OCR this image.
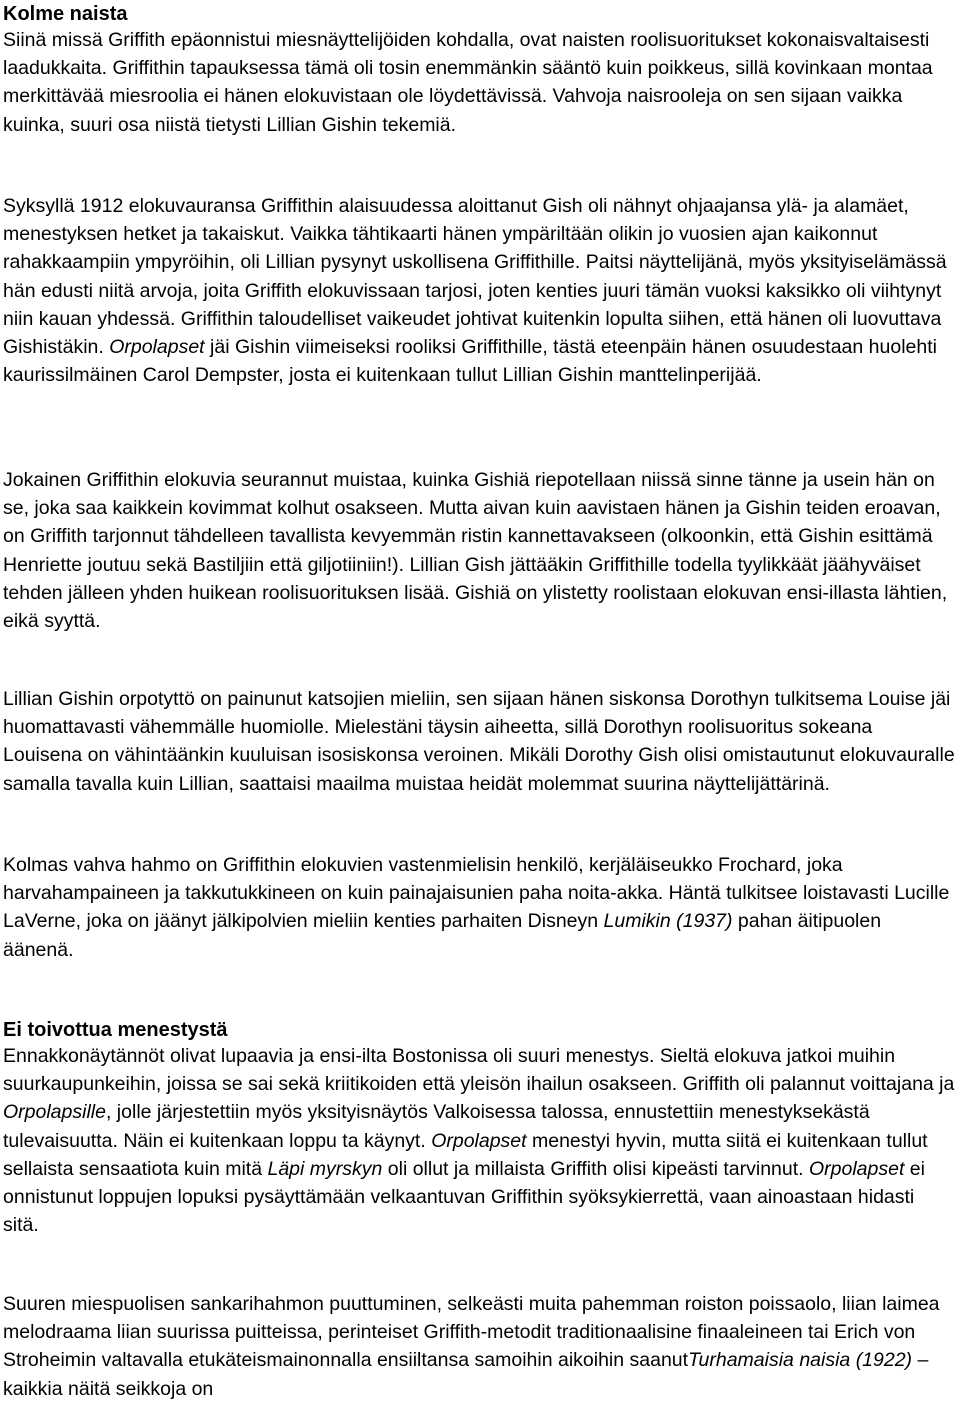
Kolme naista

Siinä missä Griffith epäonnistui miesnäyttelijöiden kohdalla, ovat naisten roolisuoritukset kokonaisvaltaisesti laadukkaita. Griffithin tapauksessa tämä oli tosin enemmänkin sääntö kuin poikkeus, sillä kovinkaan montaa merkittävää miesroolia ei hänen elokuvistaan ole löydettävissä. Vahvoja naisrooleja on sen sijaan vaikka kuinka, suuri osa niistä tietysti Lillian Gishin tekemiä.

Syksyllä 1912 elokuvauransa Griffithin alaisuudessa aloittanut Gish oli nähnyt ohjaajansa ylä- ja alamäet, menestyksen hetket ja takaiskut. Vaikka tähtikaarti hänen ympäriltään olikin jo vuosien ajan kaikonnut rahakkaampiin ympyröihin, oli Lillian pysynyt uskollisena Griffithille. Paitsi näyttelijänä, myös yksityiselämässä hän edusti niitä arvoja, joita Griffith elokuvissaan tarjosi, joten kenties juuri tämän vuoksi kaksikko oli viihtynyt niin kauan yhdessä. Griffithin taloudelliset vaikeudet johtivat kuitenkin lopulta siihen, että hänen oli luovuttava Gishistäkin. Orpolapset jäi Gishin viimeiseksi rooliksi Griffithille, tästä eteenpäin hänen osuudestaan huolehti kaurissilmäinen Carol Dempster, josta ei kuitenkaan tullut Lillian Gishin manttelinperijää.

Jokainen Griffithin elokuvia seurannut muistaa, kuinka Gishiä riepotellaan niissä sinne tänne ja usein hän on se, joka saa kaikkein kovimmat kolhut osakseen. Mutta aivan kuin aavistaen hänen ja Gishin teiden eroavan, on Griffith tarjonnut tähdelleen tavallista kevyemmän ristin kannettavakseen (olkoonkin, että Gishin esittämä Henriette joutuu sekä Bastiljiin että giljotiiniin!). Lillian Gish jättääkin Griffithille todella tyylikkäät jäähyväiset tehden jälleen yhden huikean roolisuorituksen lisää. Gishiä on ylistetty roolistaan elokuvan ensi-illasta lähtien, eikä syyttä.

Lillian Gishin orpotyttö on painunut katsojien mieliin, sen sijaan hänen siskonsa Dorothyn tulkitsema Louise jäi huomattavasti vähemmälle huomiolle. Mielestäni täysin aiheetta, sillä Dorothyn roolisuoritus sokeana Louisena on vähintäänkin kuuluisan isosiskonsa veroinen. Mikäli Dorothy Gish olisi omistautunut elokuvauralle samalla tavalla kuin Lillian, saattaisi maailma muistaa heidät molemmat suurina näyttelijättärinä.

Kolmas vahva hahmo on Griffithin elokuvien vastenmielisin henkilö, kerjäläiseukko Frochard, joka harvahampaineen ja takkutukkineen on kuin painajaisunien paha noita-akka. Häntä tulkitsee loistavasti Lucille LaVerne, joka on jäänyt jälkipolvien mieliin kenties parhaiten Disneyn Lumikin (1937) pahan äitipuolen äänenä.

Ei toivottua menestystä

Ennakkonäytännöt olivat lupaavia ja ensi-ilta Bostonissa oli suuri menestys. Sieltä elokuva jatkoi muihin suurkaupunkeihin, joissa se sai sekä kriitikoiden että yleisön ihailun osakseen. Griffith oli palannut voittajana ja Orpolapsille, jolle järjestettiin myös yksityisnäytös Valkoisessa talossa, ennustettiin menestyksekästä tulevaisuutta. Näin ei kuitenkaan loppu ta käynyt. Orpolapset menestyi hyvin, mutta siitä ei kuitenkaan tullut sellaista sensaatiota kuin mitä Läpi myrskyn oli ollut ja millaista Griffith olisi kipeästi tarvinnut. Orpolapset ei onnistunut loppujen lopuksi pysäyttämään velkaantuvan Griffithin syöksykierrettä, vaan ainoastaan hidasti sitä.

Suuren miespuolisen sankarihahmon puuttuminen, selkeästi muita pahemman roiston poissaolo, liian laimea melodraama liian suurissa puitteissa, perinteiset Griffith-metodit traditionaalisine finaaleineen tai Erich von Stroheimin valtavalla etukäteismainonnalla ensiiltansa samoihin aikoihin saanutTurhamaisia naisia (1922) – kaikkia näitä seikkoja on
